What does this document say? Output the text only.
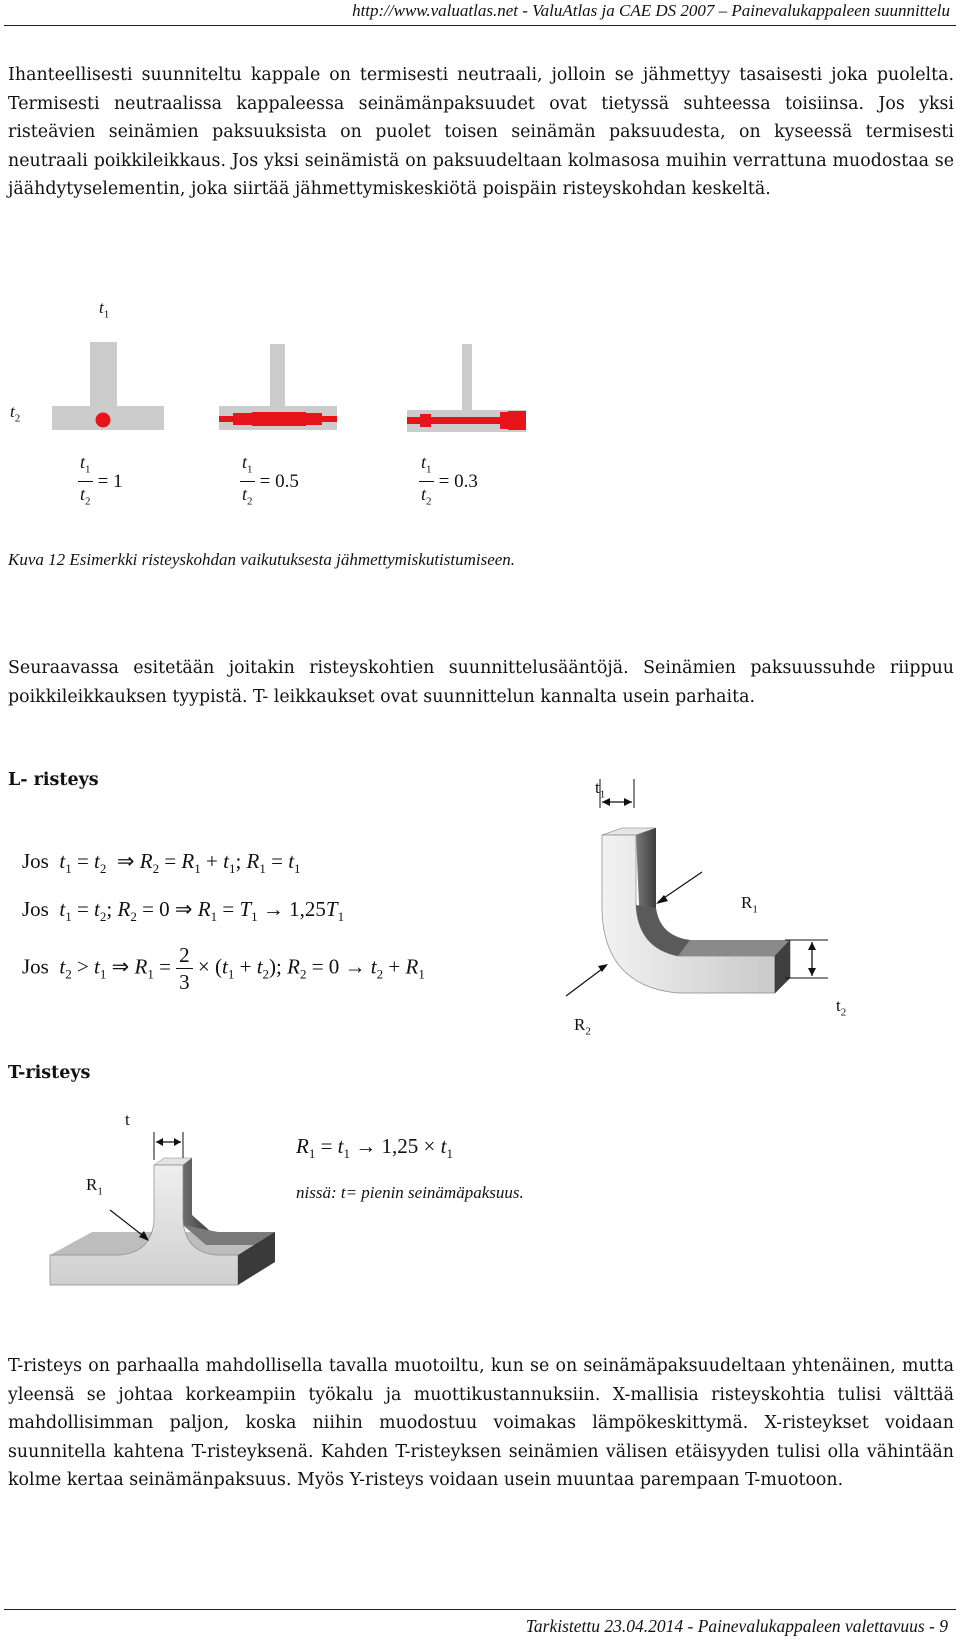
http://www.valuatlas.net - ValuAtlas ja CAE DS 2007 – Painevalukappaleen suunnittelu
Ihanteellisesti suunniteltu kappale on termisesti neutraali, jolloin se jähmettyy tasaisesti joka puolelta. Termisesti neutraalissa kappaleessa seinämänpaksuudet ovat tietyssä suhteessa toisiinsa. Jos yksi risteävien seinämien paksuuksista on puolet toisen seinämän paksuudesta, on kyseessä termisesti neutraali poikkileikkaus. Jos yksi seinämistä on paksuudeltaan kolmasosa muihin verrattuna muodostaa se jäähdytyselementin, joka siirtää jähmettymiskeskiötä poispäin risteyskohdan keskeltä.
$t_1$
$t_2$
$\frac{t_1}{t_2} = 1$	$\frac{t_1}{t_2} = 0.5$	$\frac{t_1}{t_2} = 0.3$
Kuva 12 Esimerkki risteyskohdan vaikutuksesta jähmettymiskutistumiseen.
Seuraavassa esitetään joitakin risteyskohtien suunnittelusääntöjä. Seinämien paksuussuhde riippuu poikkileikkauksen tyypistä. T- leikkaukset ovat suunnittelun kannalta usein parhaita.
L- risteys
Jos $t_1 = t_2$  ⇒ $R_2 = R_1 + t_1$; $R_1 = t_1$
Jos $t_1 = t_2$; $R_2 = 0$ ⇒ $R_1 = T_1 \to 1,25T_1$
Jos $t_2 > t_1$ ⇒ $R_1 = \frac{2}{3} \times (t_1 + t_2)$; $R_2 = 0 \to t_2 + R_1$
$t_1$
$R_1$
$R_2$
$t_2$
T-risteys
t
$R_1$
$R_1 = t_1 \to 1,25 \times t_1$
nissä: t= pienin seinämäpaksuus.
T-risteys on parhaalla mahdollisella tavalla muotoiltu, kun se on seinämäpaksuudeltaan yhtenäinen, mutta yleensä se johtaa korkeampiin työkalu ja muottikustannuksiin. X-mallisia risteyskohtia tulisi välttää mahdollisimman paljon, koska niihin muodostuu voimakas lämpökeskittymä. X-risteykset voidaan suunnitella kahtena T-risteyksenä. Kahden T-risteyksen seinämien välisen etäisyyden tulisi olla vähintään kolme kertaa seinämänpaksuus. Myös Y-risteys voidaan usein muuntaa parempaan T-muotoon.
Tarkistettu 23.04.2014 - Painevalukappaleen valettavuus - 9
